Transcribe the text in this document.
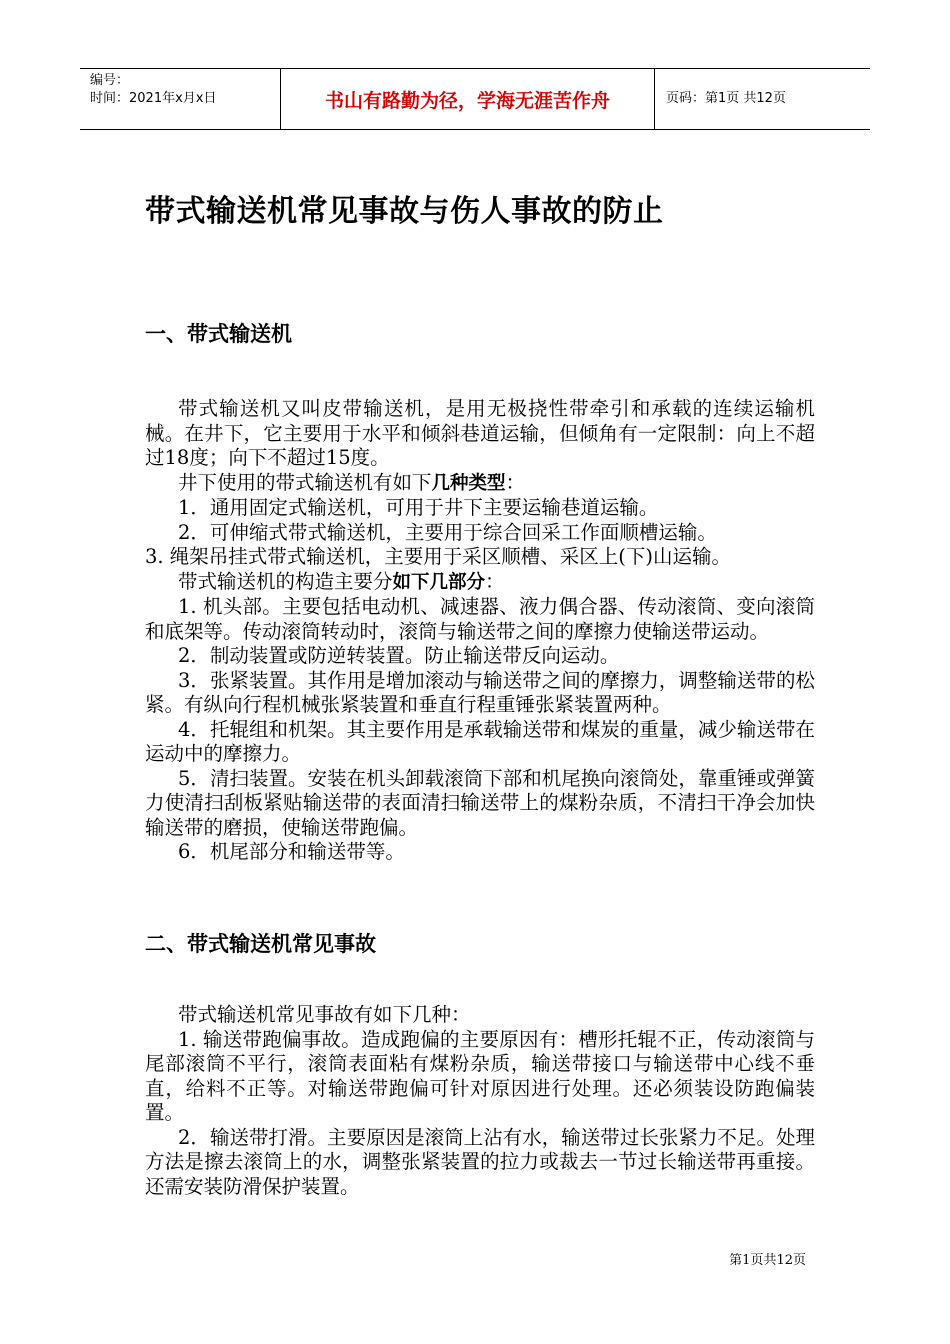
编号：
时间：2021年x月x日	书山有路勤为径，学海无涯苦作舟	页码：第1页 共12页
带式输送机常见事故与伤人事故的防止
一、带式输送机

带式输送机又叫皮带输送机，是用无极挠性带牵引和承载的连续运输机械。在井下，它主要用于水平和倾斜巷道运输，但倾角有一定限制：向上不超过18度；向下不超过15度。

井下使用的带式输送机有如下几种类型：

1．通用固定式输送机，可用于井下主要运输巷道运输。

2．可伸缩式带式输送机，主要用于综合回采工作面顺槽运输。

3. 绳架吊挂式带式输送机，主要用于采区顺槽、采区上(下)山运输。

带式输送机的构造主要分如下几部分：

1. 机头部。主要包括电动机、减速器、液力偶合器、传动滚筒、变向滚筒和底架等。传动滚筒转动时，滚筒与输送带之间的摩擦力使输送带运动。

2．制动装置或防逆转装置。防止输送带反向运动。

3．张紧装置。其作用是增加滚动与输送带之间的摩擦力，调整输送带的松紧。有纵向行程机械张紧装置和垂直行程重锤张紧装置两种。

4．托辊组和机架。其主要作用是承载输送带和煤炭的重量，减少输送带在运动中的摩擦力。

5．清扫装置。安装在机头卸载滚筒下部和机尾换向滚筒处，靠重锤或弹簧力使清扫刮板紧贴输送带的表面清扫输送带上的煤粉杂质，不清扫干净会加快输送带的磨损，使输送带跑偏。

6．机尾部分和输送带等。

二、带式输送机常见事故

带式输送机常见事故有如下几种：

1. 输送带跑偏事故。造成跑偏的主要原因有：槽形托辊不正，传动滚筒与尾部滚筒不平行，滚筒表面粘有煤粉杂质，输送带接口与输送带中心线不垂直，给料不正等。对输送带跑偏可针对原因进行处理。还必须装设防跑偏装置。

2．输送带打滑。主要原因是滚筒上沾有水，输送带过长张紧力不足。处理方法是擦去滚筒上的水，调整张紧装置的拉力或裁去一节过长输送带再重接。还需安装防滑保护装置。

第1页共12页
